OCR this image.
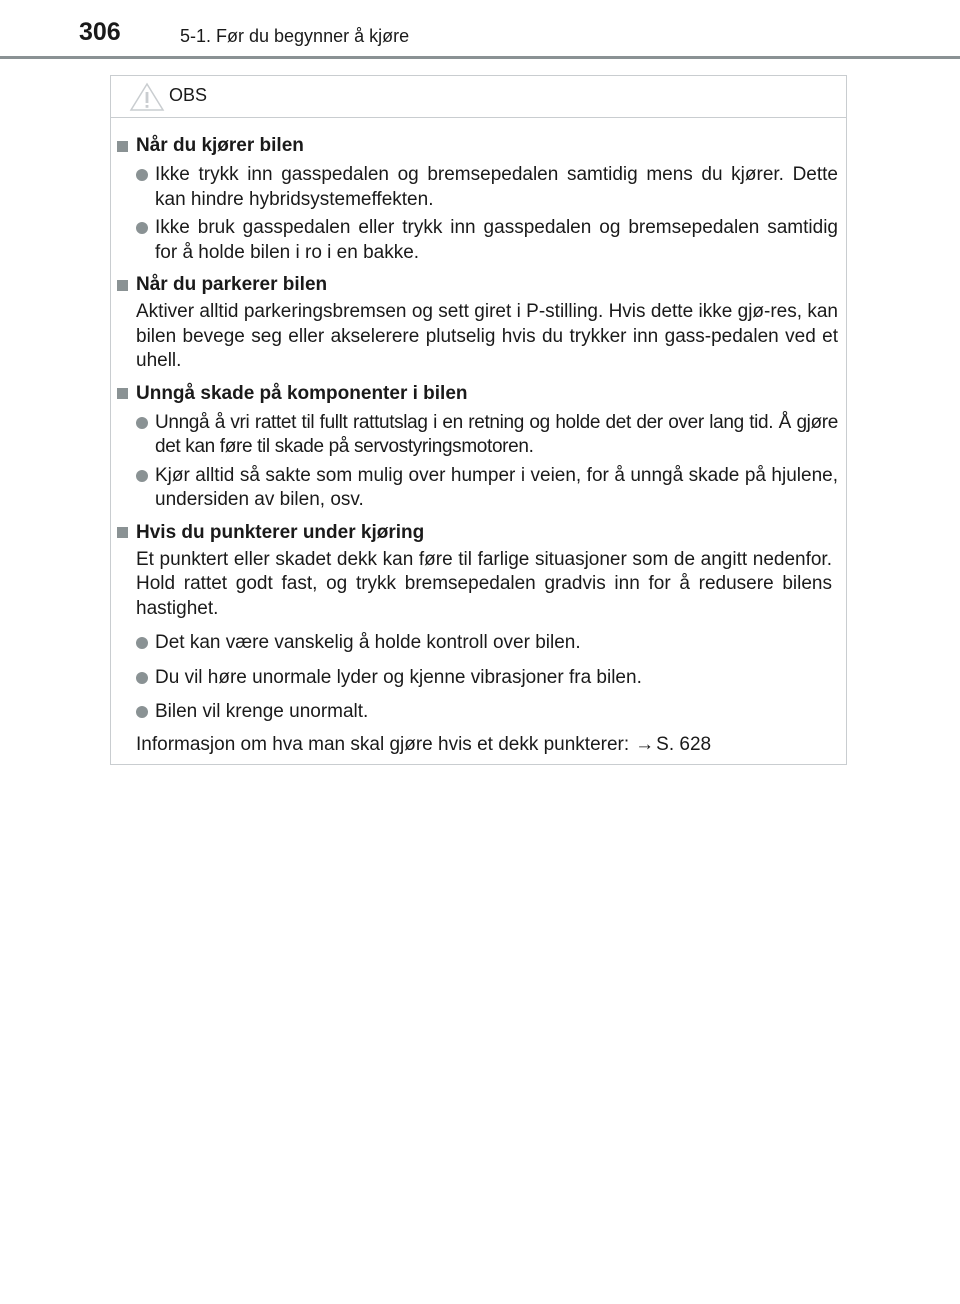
306	5-1. Før du begynner å kjøre
OBS
Når du kjører bilen
Ikke trykk inn gasspedalen og bremsepedalen samtidig mens du kjører. Dette kan hindre hybridsystemeffekten.
Ikke bruk gasspedalen eller trykk inn gasspedalen og bremsepedalen samtidig for å holde bilen i ro i en bakke.
Når du parkerer bilen
Aktiver alltid parkeringsbremsen og sett giret i P-stilling. Hvis dette ikke gjø-res, kan bilen bevege seg eller akselerere plutselig hvis du trykker inn gass-pedalen ved et uhell.
Unngå skade på komponenter i bilen
Unngå å vri rattet til fullt rattutslag i en retning og holde det der over lang tid. Å gjøre det kan føre til skade på servostyringsmotoren.
Kjør alltid så sakte som mulig over humper i veien, for å unngå skade på hjulene, undersiden av bilen, osv.
Hvis du punkterer under kjøring
Et punktert eller skadet dekk kan føre til farlige situasjoner som de angitt nedenfor. Hold rattet godt fast, og trykk bremsepedalen gradvis inn for å redusere bilens hastighet.
Det kan være vanskelig å holde kontroll over bilen.
Du vil høre unormale lyder og kjenne vibrasjoner fra bilen.
Bilen vil krenge unormalt.
Informasjon om hva man skal gjøre hvis et dekk punkterer: → S. 628
